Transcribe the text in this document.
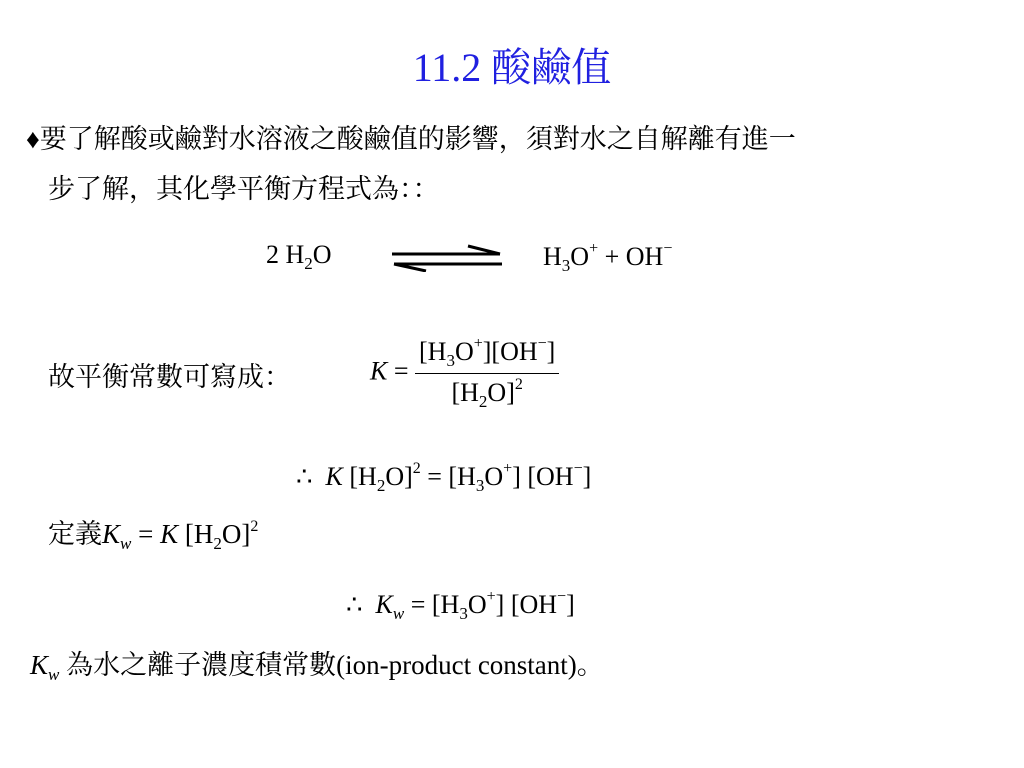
11.2 酸鹼值
♦要了解酸或鹼對水溶液之酸鹼值的影響，須對水之自解離有進一
步了解，其化學平衡方程式為：：
2 $H_2O$	$H_3O^+ + OH^-$
故平衡常數可寫成：	$K = \frac{[H_3O^+][OH^-]}{[H_2O]^2}$
∴ K $[H_2O]^2 = [H_3O^+]$ [OH−]
定義$K_w = K$ $[H_2O]^2$
∴ $K_w = [H_3O^+]$ [OH−]
$K_w$ 為水之離子濃度積常數(ion-product constant)。
